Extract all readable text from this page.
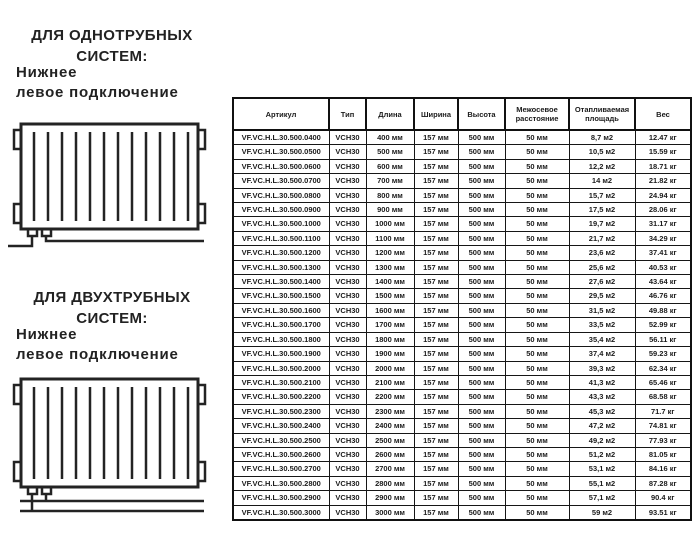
ДЛЯ ОДНОТРУБНЫХ
СИСТЕМ:
Нижнее
левое подключение
ДЛЯ ДВУХТРУБНЫХ
СИСТЕМ:
Нижнее
левое подключение
Артикул	Тип	Длина	Ширина	Высота	Межосевое расстояние	Отапливаемая площадь	Вес
VF.VC.H.L.30.500.0400	VCH30	400 мм	157 мм	500 мм	50 мм	8,7 м2	12.47 кг
VF.VC.H.L.30.500.0500	VCH30	500 мм	157 мм	500 мм	50 мм	10,5 м2	15.59 кг
VF.VC.H.L.30.500.0600	VCH30	600 мм	157 мм	500 мм	50 мм	12,2 м2	18.71 кг
VF.VC.H.L.30.500.0700	VCH30	700 мм	157 мм	500 мм	50 мм	14 м2	21.82 кг
VF.VC.H.L.30.500.0800	VCH30	800 мм	157 мм	500 мм	50 мм	15,7 м2	24.94 кг
VF.VC.H.L.30.500.0900	VCH30	900 мм	157 мм	500 мм	50 мм	17,5 м2	28.06 кг
VF.VC.H.L.30.500.1000	VCH30	1000 мм	157 мм	500 мм	50 мм	19,7 м2	31.17 кг
VF.VC.H.L.30.500.1100	VCH30	1100 мм	157 мм	500 мм	50 мм	21,7 м2	34.29 кг
VF.VC.H.L.30.500.1200	VCH30	1200 мм	157 мм	500 мм	50 мм	23,6 м2	37.41 кг
VF.VC.H.L.30.500.1300	VCH30	1300 мм	157 мм	500 мм	50 мм	25,6 м2	40.53 кг
VF.VC.H.L.30.500.1400	VCH30	1400 мм	157 мм	500 мм	50 мм	27,6 м2	43.64 кг
VF.VC.H.L.30.500.1500	VCH30	1500 мм	157 мм	500 мм	50 мм	29,5 м2	46.76 кг
VF.VC.H.L.30.500.1600	VCH30	1600 мм	157 мм	500 мм	50 мм	31,5 м2	49.88 кг
VF.VC.H.L.30.500.1700	VCH30	1700 мм	157 мм	500 мм	50 мм	33,5 м2	52.99 кг
VF.VC.H.L.30.500.1800	VCH30	1800 мм	157 мм	500 мм	50 мм	35,4 м2	56.11 кг
VF.VC.H.L.30.500.1900	VCH30	1900 мм	157 мм	500 мм	50 мм	37,4 м2	59.23 кг
VF.VC.H.L.30.500.2000	VCH30	2000 мм	157 мм	500 мм	50 мм	39,3 м2	62.34 кг
VF.VC.H.L.30.500.2100	VCH30	2100 мм	157 мм	500 мм	50 мм	41,3 м2	65.46 кг
VF.VC.H.L.30.500.2200	VCH30	2200 мм	157 мм	500 мм	50 мм	43,3 м2	68.58 кг
VF.VC.H.L.30.500.2300	VCH30	2300 мм	157 мм	500 мм	50 мм	45,3 м2	71.7 кг
VF.VC.H.L.30.500.2400	VCH30	2400 мм	157 мм	500 мм	50 мм	47,2 м2	74.81 кг
VF.VC.H.L.30.500.2500	VCH30	2500 мм	157 мм	500 мм	50 мм	49,2 м2	77.93 кг
VF.VC.H.L.30.500.2600	VCH30	2600 мм	157 мм	500 мм	50 мм	51,2 м2	81.05 кг
VF.VC.H.L.30.500.2700	VCH30	2700 мм	157 мм	500 мм	50 мм	53,1 м2	84.16 кг
VF.VC.H.L.30.500.2800	VCH30	2800 мм	157 мм	500 мм	50 мм	55,1 м2	87.28 кг
VF.VC.H.L.30.500.2900	VCH30	2900 мм	157 мм	500 мм	50 мм	57,1 м2	90.4 кг
VF.VC.H.L.30.500.3000	VCH30	3000 мм	157 мм	500 мм	50 мм	59 м2	93.51 кг
